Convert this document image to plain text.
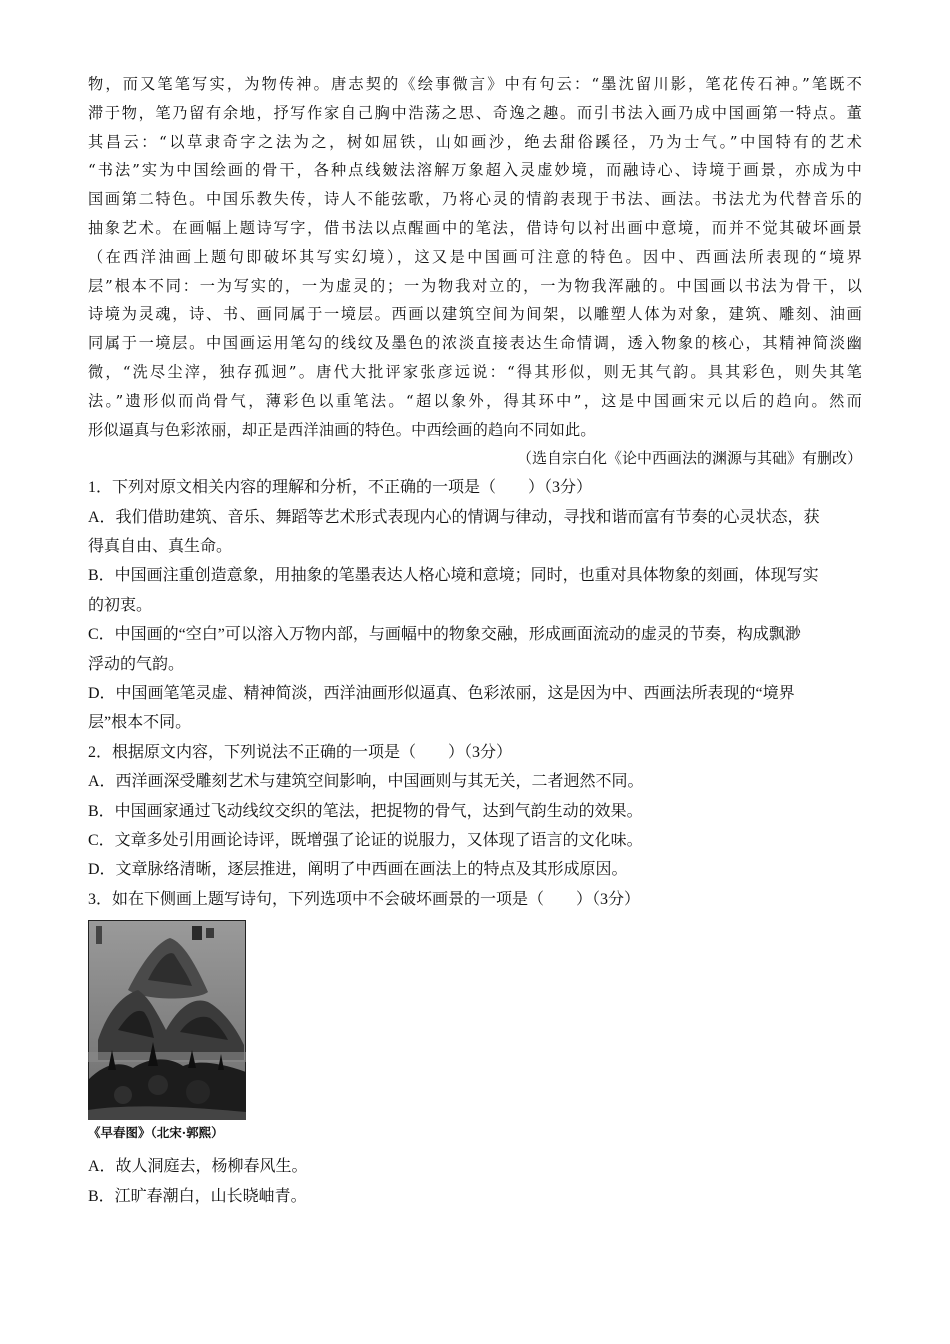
物，而又笔笔写实，为物传神。唐志契的《绘事微言》中有句云：“墨沈留川影，笔花传石神。”笔既不

滞于物，笔乃留有余地，抒写作家自己胸中浩荡之思、奇逸之趣。而引书法入画乃成中国画第一特点。董

其昌云：“以草隶奇字之法为之，树如屈铁，山如画沙，绝去甜俗蹊径，乃为士气。”中国特有的艺术

“书法”实为中国绘画的骨干，各种点线皴法溶解万象超入灵虚妙境，而融诗心、诗境于画景，亦成为中

国画第二特色。中国乐教失传，诗人不能弦歌，乃将心灵的情韵表现于书法、画法。书法尤为代替音乐的

抽象艺术。在画幅上题诗写字，借书法以点醒画中的笔法，借诗句以衬出画中意境，而并不觉其破坏画景

（在西洋油画上题句即破坏其写实幻境），这又是中国画可注意的特色。因中、西画法所表现的“境界

层”根本不同：一为写实的，一为虚灵的；一为物我对立的，一为物我浑融的。中国画以书法为骨干，以

诗境为灵魂，诗、书、画同属于一境层。西画以建筑空间为间架，以雕塑人体为对象，建筑、雕刻、油画

同属于一境层。中国画运用笔勾的线纹及墨色的浓淡直接表达生命情调，透入物象的核心，其精神简淡幽

微，“洗尽尘滓，独存孤迥”。唐代大批评家张彦远说：“得其形似，则无其气韵。具其彩色，则失其笔

法。”遗形似而尚骨气，薄彩色以重笔法。“超以象外，得其环中”，这是中国画宋元以后的趋向。然而

形似逼真与色彩浓丽，却正是西洋油画的特色。中西绘画的趋向不同如此。

（选自宗白化《论中西画法的渊源与其础》有删改）

1．下列对原文相关内容的理解和分析，不正确的一项是（　　）（3分）

A．我们借助建筑、音乐、舞蹈等艺术形式表现内心的情调与律动，寻找和谐而富有节奏的心灵状态，获

得真自由、真生命。

B．中国画注重创造意象，用抽象的笔墨表达人格心境和意境；同时，也重对具体物象的刻画，体现写实

的初衷。

C．中国画的“空白”可以溶入万物内部，与画幅中的物象交融，形成画面流动的虚灵的节奏，构成飘渺

浮动的气韵。

D．中国画笔笔灵虚、精神简淡，西洋油画形似逼真、色彩浓丽，这是因为中、西画法所表现的“境界

层”根本不同。

2．根据原文内容，下列说法不正确的一项是（　　）（3分）

A．西洋画深受雕刻艺术与建筑空间影响，中国画则与其无关，二者迥然不同。

B．中国画家通过飞动线纹交织的笔法，把捉物的骨气，达到气韵生动的效果。

C．文章多处引用画论诗评，既增强了论证的说服力，又体现了语言的文化味。

D．文章脉络清晰，逐层推进，阐明了中西画在画法上的特点及其形成原因。

3．如在下侧画上题写诗句，下列选项中不会破坏画景的一项是（　　）（3分）

《早春图》（北宋·郭熙）

A．故人洞庭去，杨柳春风生。

B．江旷春潮白，山长晓岫青。
